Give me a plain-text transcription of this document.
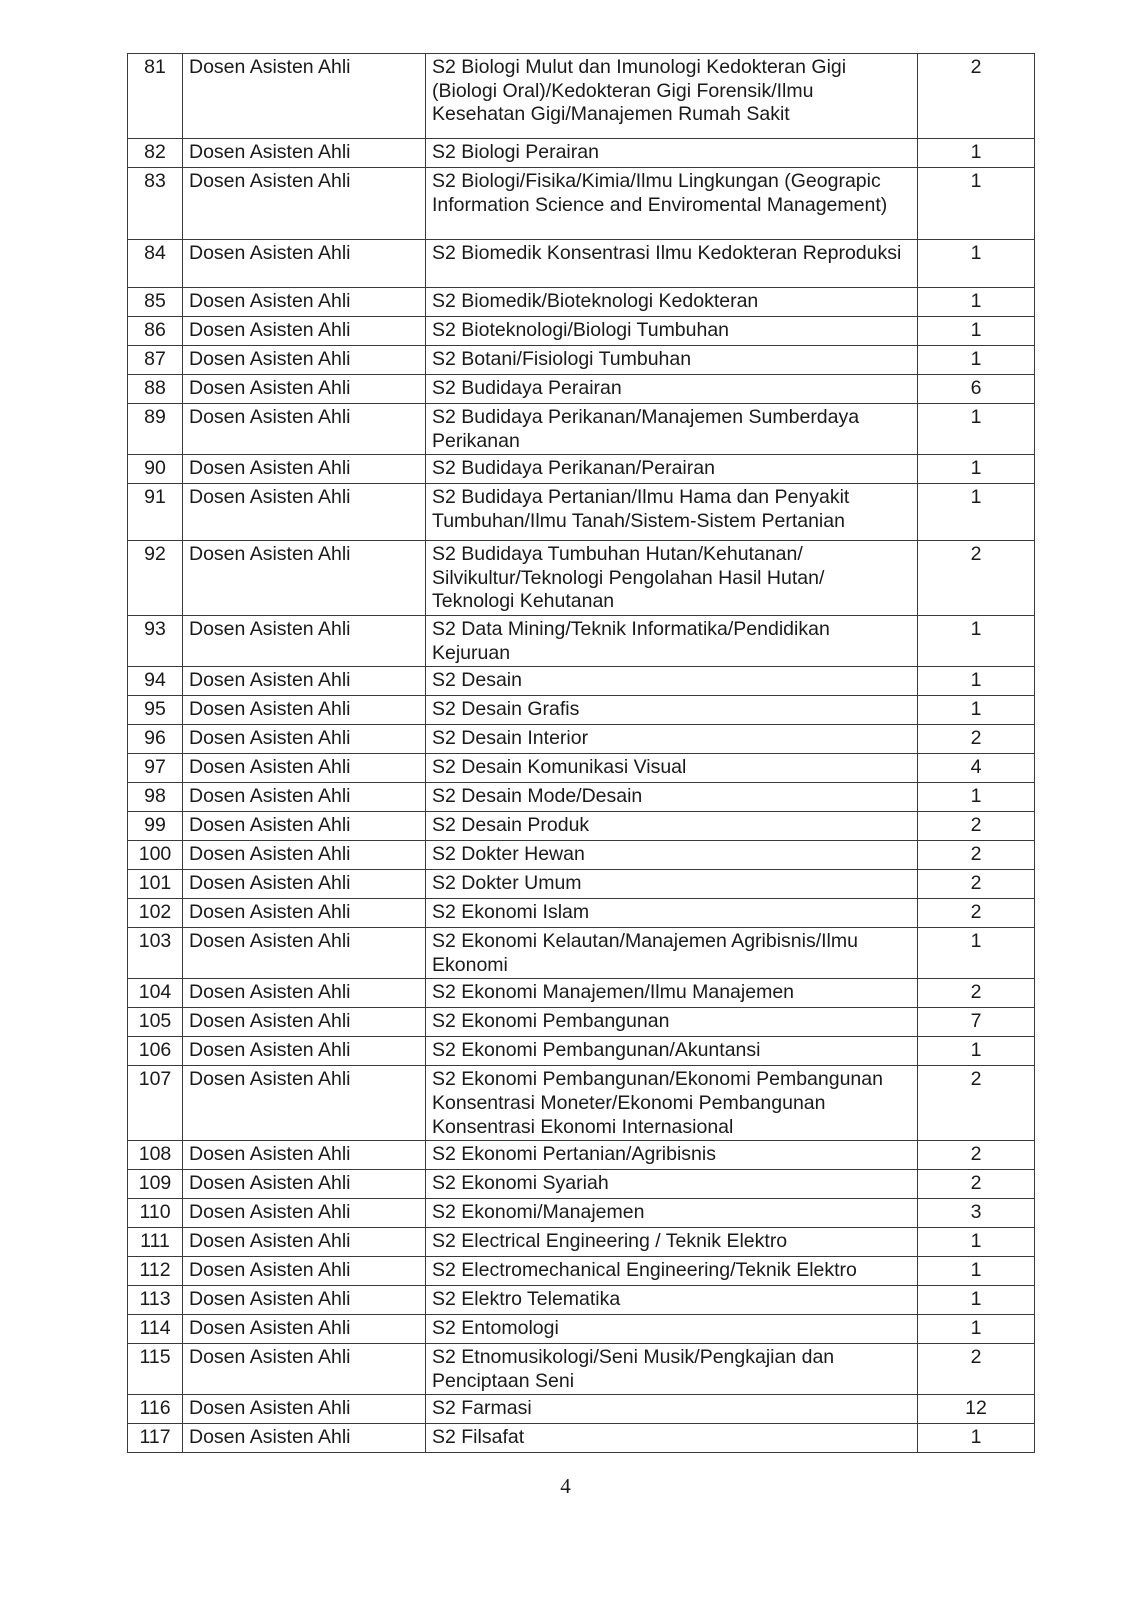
81	Dosen Asisten Ahli	S2 Biologi Mulut dan Imunologi Kedokteran Gigi (Biologi Oral)/Kedokteran Gigi Forensik/Ilmu Kesehatan Gigi/Manajemen Rumah Sakit	2
82	Dosen Asisten Ahli	S2 Biologi Perairan	1
83	Dosen Asisten Ahli	S2 Biologi/Fisika/Kimia/Ilmu Lingkungan (Geograpic Information Science and Enviromental Management)	1
84	Dosen Asisten Ahli	S2 Biomedik Konsentrasi Ilmu Kedokteran Reproduksi	1
85	Dosen Asisten Ahli	S2 Biomedik/Bioteknologi Kedokteran	1
86	Dosen Asisten Ahli	S2 Bioteknologi/Biologi Tumbuhan	1
87	Dosen Asisten Ahli	S2 Botani/Fisiologi Tumbuhan	1
88	Dosen Asisten Ahli	S2 Budidaya Perairan	6
89	Dosen Asisten Ahli	S2 Budidaya Perikanan/Manajemen Sumberdaya Perikanan	1
90	Dosen Asisten Ahli	S2 Budidaya Perikanan/Perairan	1
91	Dosen Asisten Ahli	S2 Budidaya Pertanian/Ilmu Hama dan Penyakit Tumbuhan/Ilmu Tanah/Sistem-Sistem Pertanian	1
92	Dosen Asisten Ahli	S2 Budidaya Tumbuhan Hutan/Kehutanan/ Silvikultur/Teknologi Pengolahan Hasil Hutan/ Teknologi Kehutanan	2
93	Dosen Asisten Ahli	S2 Data Mining/Teknik Informatika/Pendidikan Kejuruan	1
94	Dosen Asisten Ahli	S2 Desain	1
95	Dosen Asisten Ahli	S2 Desain Grafis	1
96	Dosen Asisten Ahli	S2 Desain Interior	2
97	Dosen Asisten Ahli	S2 Desain Komunikasi Visual	4
98	Dosen Asisten Ahli	S2 Desain Mode/Desain	1
99	Dosen Asisten Ahli	S2 Desain Produk	2
100	Dosen Asisten Ahli	S2 Dokter Hewan	2
101	Dosen Asisten Ahli	S2 Dokter Umum	2
102	Dosen Asisten Ahli	S2 Ekonomi Islam	2
103	Dosen Asisten Ahli	S2 Ekonomi Kelautan/Manajemen Agribisnis/Ilmu Ekonomi	1
104	Dosen Asisten Ahli	S2 Ekonomi Manajemen/Ilmu Manajemen	2
105	Dosen Asisten Ahli	S2 Ekonomi Pembangunan	7
106	Dosen Asisten Ahli	S2 Ekonomi Pembangunan/Akuntansi	1
107	Dosen Asisten Ahli	S2 Ekonomi Pembangunan/Ekonomi Pembangunan Konsentrasi Moneter/Ekonomi Pembangunan Konsentrasi Ekonomi Internasional	2
108	Dosen Asisten Ahli	S2 Ekonomi Pertanian/Agribisnis	2
109	Dosen Asisten Ahli	S2 Ekonomi Syariah	2
110	Dosen Asisten Ahli	S2 Ekonomi/Manajemen	3
111	Dosen Asisten Ahli	S2 Electrical Engineering / Teknik Elektro	1
112	Dosen Asisten Ahli	S2 Electromechanical Engineering/Teknik Elektro	1
113	Dosen Asisten Ahli	S2 Elektro Telematika	1
114	Dosen Asisten Ahli	S2 Entomologi	1
115	Dosen Asisten Ahli	S2 Etnomusikologi/Seni Musik/Pengkajian dan Penciptaan Seni	2
116	Dosen Asisten Ahli	S2 Farmasi	12
117	Dosen Asisten Ahli	S2 Filsafat	1
4
